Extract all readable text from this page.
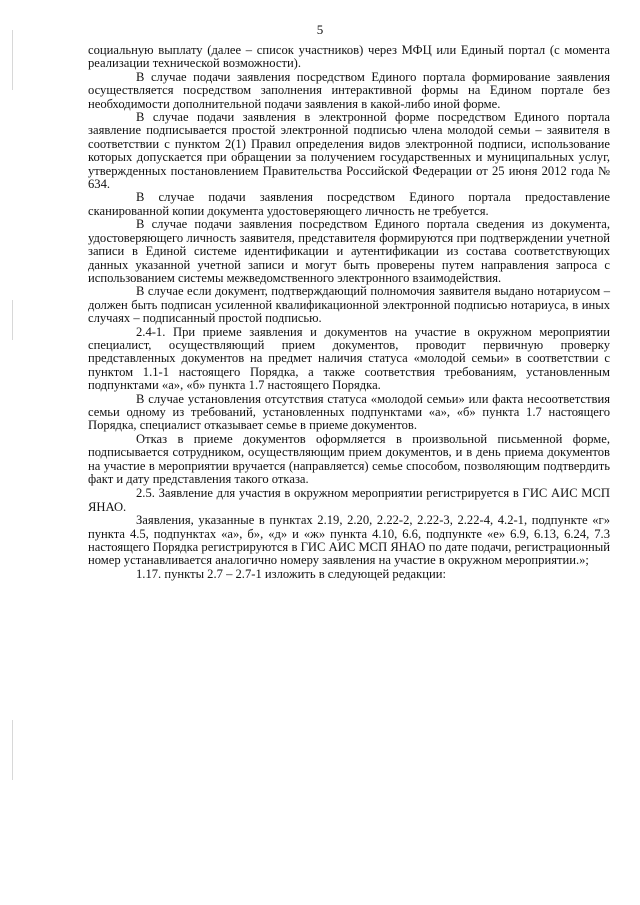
5

социальную выплату (далее – список участников) через МФЦ или Единый портал (с момента реализации технической возможности).

В случае подачи заявления посредством Единого портала формирование заявления осуществляется посредством заполнения интерактивной формы на Едином портале без необходимости дополнительной подачи заявления в какой-либо иной форме.

В случае подачи заявления в электронной форме посредством Единого портала заявление подписывается простой электронной подписью члена молодой семьи – заявителя в соответствии с пунктом 2(1) Правил определения видов электронной подписи, использование которых допускается при обращении за получением государственных и муниципальных услуг, утвержденных постановлением Правительства Российской Федерации от 25 июня 2012 года № 634.

В случае подачи заявления посредством Единого портала предоставление сканированной копии документа удостоверяющего личность не требуется.

В случае подачи заявления посредством Единого портала сведения из документа, удостоверяющего личность заявителя, представителя формируются при подтверждении учетной записи в Единой системе идентификации и аутентификации из состава соответствующих данных указанной учетной записи и могут быть проверены путем направления запроса с использованием системы межведомственного электронного взаимодействия.

В случае если документ, подтверждающий полномочия заявителя выдано нотариусом – должен быть подписан усиленной квалификационной электронной подписью нотариуса, в иных случаях – подписанный простой подписью.

2.4-1. При приеме заявления и документов на участие в окружном мероприятии специалист, осуществляющий прием документов, проводит первичную проверку представленных документов на предмет наличия статуса «молодой семьи» в соответствии с пунктом 1.1-1 настоящего Порядка, а также соответствия требованиям, установленным подпунктами «а», «б» пункта 1.7 настоящего Порядка.

В случае установления отсутствия статуса «молодой семьи» или факта несоответствия семьи одному из требований, установленных подпунктами «а», «б» пункта 1.7 настоящего Порядка, специалист отказывает семье в приеме документов.

Отказ в приеме документов оформляется в произвольной письменной форме, подписывается сотрудником, осуществляющим прием документов, и в день приема документов на участие в мероприятии вручается (направляется) семье способом, позволяющим подтвердить факт и дату представления такого отказа.

2.5. Заявление для участия в окружном мероприятии регистрируется в ГИС АИС МСП ЯНАО.

Заявления, указанные в пунктах 2.19, 2.20, 2.22-2, 2.22-3, 2.22-4, 4.2-1, подпункте «г» пункта 4.5, подпунктах «а», б», «д» и «ж» пункта 4.10, 6.6, подпункте «е» 6.9, 6.13, 6.24, 7.3 настоящего Порядка регистрируются в ГИС АИС МСП ЯНАО по дате подачи, регистрационный номер устанавливается аналогично номеру заявления на участие в окружном мероприятии.»;

1.17. пункты 2.7 – 2.7-1 изложить в следующей редакции:
